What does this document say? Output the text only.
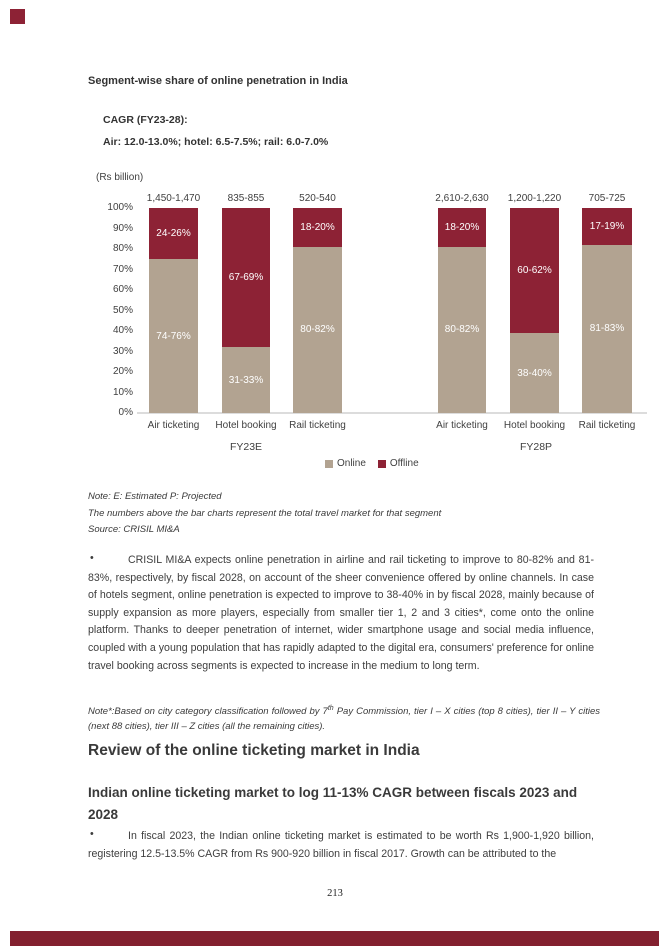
Segment-wise share of online penetration in India
CAGR (FY23-28):
Air: 12.0-13.0%; hotel: 6.5-7.5%; rail: 6.0-7.0%
(Rs billion)
100%
90%
80%
70%
60%
50%
40%
30%
20%
10%
0%
1,450-1,470
24-26%
74-76%
Air ticketing
835-855
67-69%
31-33%
Hotel booking
520-540
18-20%
80-82%
Rail ticketing
2,610-2,630
18-20%
80-82%
Air ticketing
1,200-1,220
60-62%
38-40%
Hotel booking
705-725
17-19%
81-83%
Rail ticketing
FY23E	FY28P
Online Offline
Note: E: Estimated P: Projected
The numbers above the bar charts represent the total travel market for that segment
Source: CRISIL MI&A
•	CRISIL MI&A expects online penetration in airline and rail ticketing to improve to 80-82% and 81-83%, respectively, by fiscal 2028, on account of the sheer convenience offered by online channels. In case of hotels segment, online penetration is expected to improve to 38-40% in by fiscal 2028, mainly because of supply expansion as more players, especially from smaller tier 1, 2 and 3 cities*, come onto the online platform. Thanks to deeper penetration of internet, wider smartphone usage and social media influence, coupled with a young population that has rapidly adapted to the digital era, consumers' preference for online travel booking across segments is expected to increase in the medium to long term.

Note*:Based on city category classification followed by 7th Pay Commission, tier I – X cities (top 8 cities), tier II – Y cities (next 88 cities), tier III – Z cities (all the remaining cities).
Review of the online ticketing market in India
Indian online ticketing market to log 11-13% CAGR between fiscals 2023 and 2028
•	In fiscal 2023, the Indian online ticketing market is estimated to be worth Rs 1,900-1,920 billion, registering 12.5-13.5% CAGR from Rs 900-920 billion in fiscal 2017. Growth can be attributed to the

213
